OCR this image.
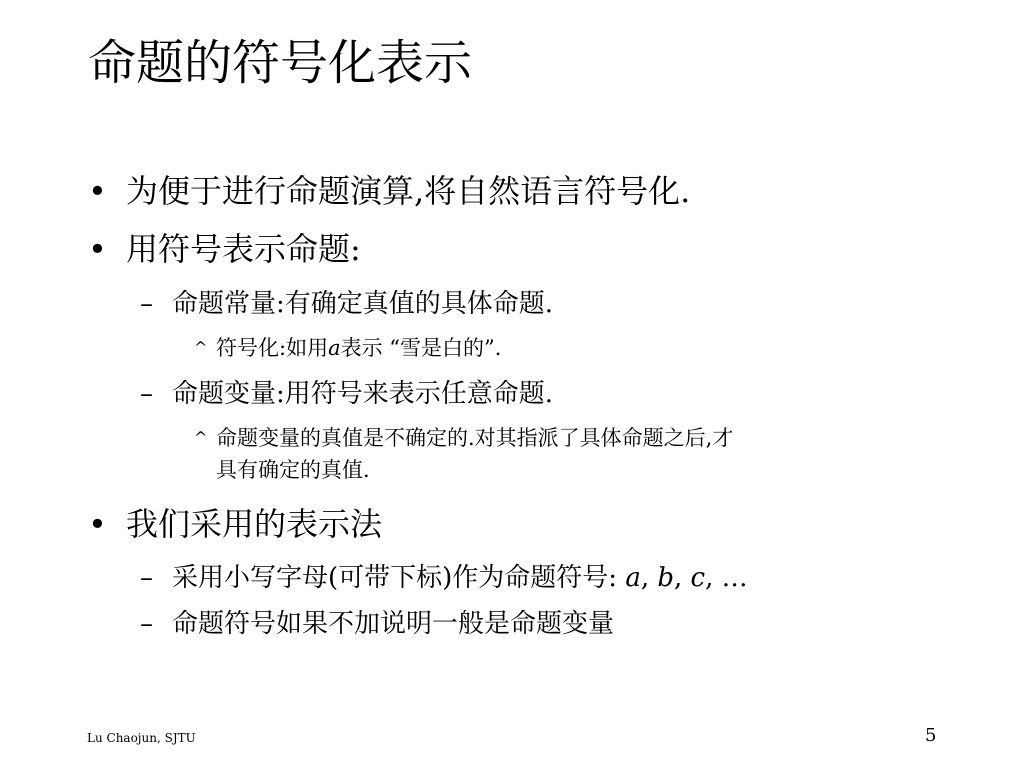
命题的符号化表示
• 为便于进行命题演算,将自然语言符号化.
• 用符号表示命题:
– 命题常量:有确定真值的具体命题.
^ 符号化:如用a表示 “雪是白的”.
– 命题变量:用符号来表示任意命题.
^ 命题变量的真值是不确定的.对其指派了具体命题之后,才
具有确定的真值.
• 我们采用的表示法
– 采用小写字母(可带下标)作为命题符号: a, b, c, …
– 命题符号如果不加说明一般是命题变量
Lu Chaojun, SJTU	5
